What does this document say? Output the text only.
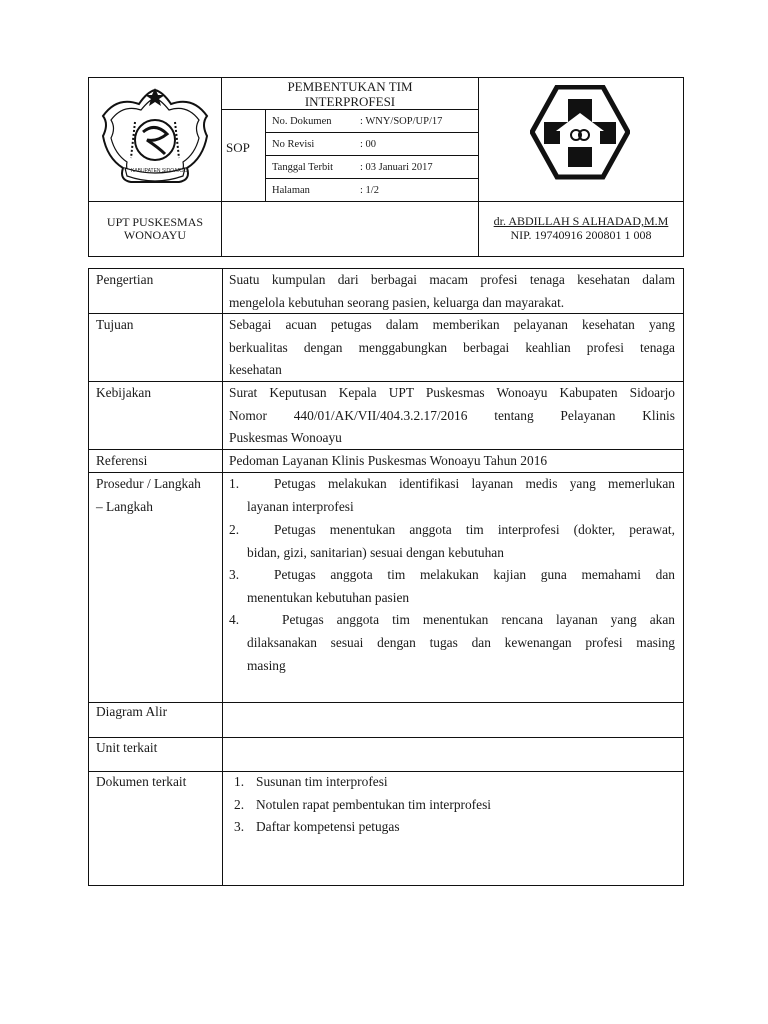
KABUPATEN SIDOARJO
PEMBENTUKAN TIM
INTERPROFESI
SOP
No. Dokumen	: WNY/SOP/UP/17
No Revisi	: 00
Tanggal Terbit	: 03 Januari 2017
Halaman	: 1/2
UPT PUSKESMAS
WONOAYU
dr. ABDILLAH S ALHADAD,M.M
NIP. 19740916 200801 1 008
Pengertian	Suatu kumpulan dari berbagai macam profesi tenaga kesehatan dalam
mengelola kebutuhan seorang pasien, keluarga dan mayarakat.
Tujuan	Sebagai acuan petugas dalam memberikan pelayanan kesehatan yang
berkualitas dengan menggabungkan berbagai keahlian profesi tenaga
kesehatan
Kebijakan	Surat Keputusan Kepala UPT Puskesmas Wonoayu Kabupaten Sidoarjo
Nomor 440/01/AK/VII/404.3.2.17/2016 tentang Pelayanan Klinis
Puskesmas Wonoayu
Referensi	Pedoman Layanan Klinis Puskesmas Wonoayu Tahun 2016
Prosedur / Langkah
– Langkah
1.	Petugas melakukan identifikasi layanan medis yang memerlukan
layanan interprofesi
2.	Petugas menentukan anggota tim interprofesi (dokter, perawat,
bidan, gizi, sanitarian) sesuai dengan kebutuhan
3.	Petugas anggota tim melakukan kajian guna memahami dan
menentukan kebutuhan pasien
4.	Petugas anggota tim menentukan rencana layanan yang akan
dilaksanakan sesuai dengan tugas dan kewenangan profesi masing
masing
Diagram Alir
Unit terkait
Dokumen terkait	1. Susunan tim interprofesi
2. Notulen rapat pembentukan tim interprofesi
3. Daftar kompetensi petugas
